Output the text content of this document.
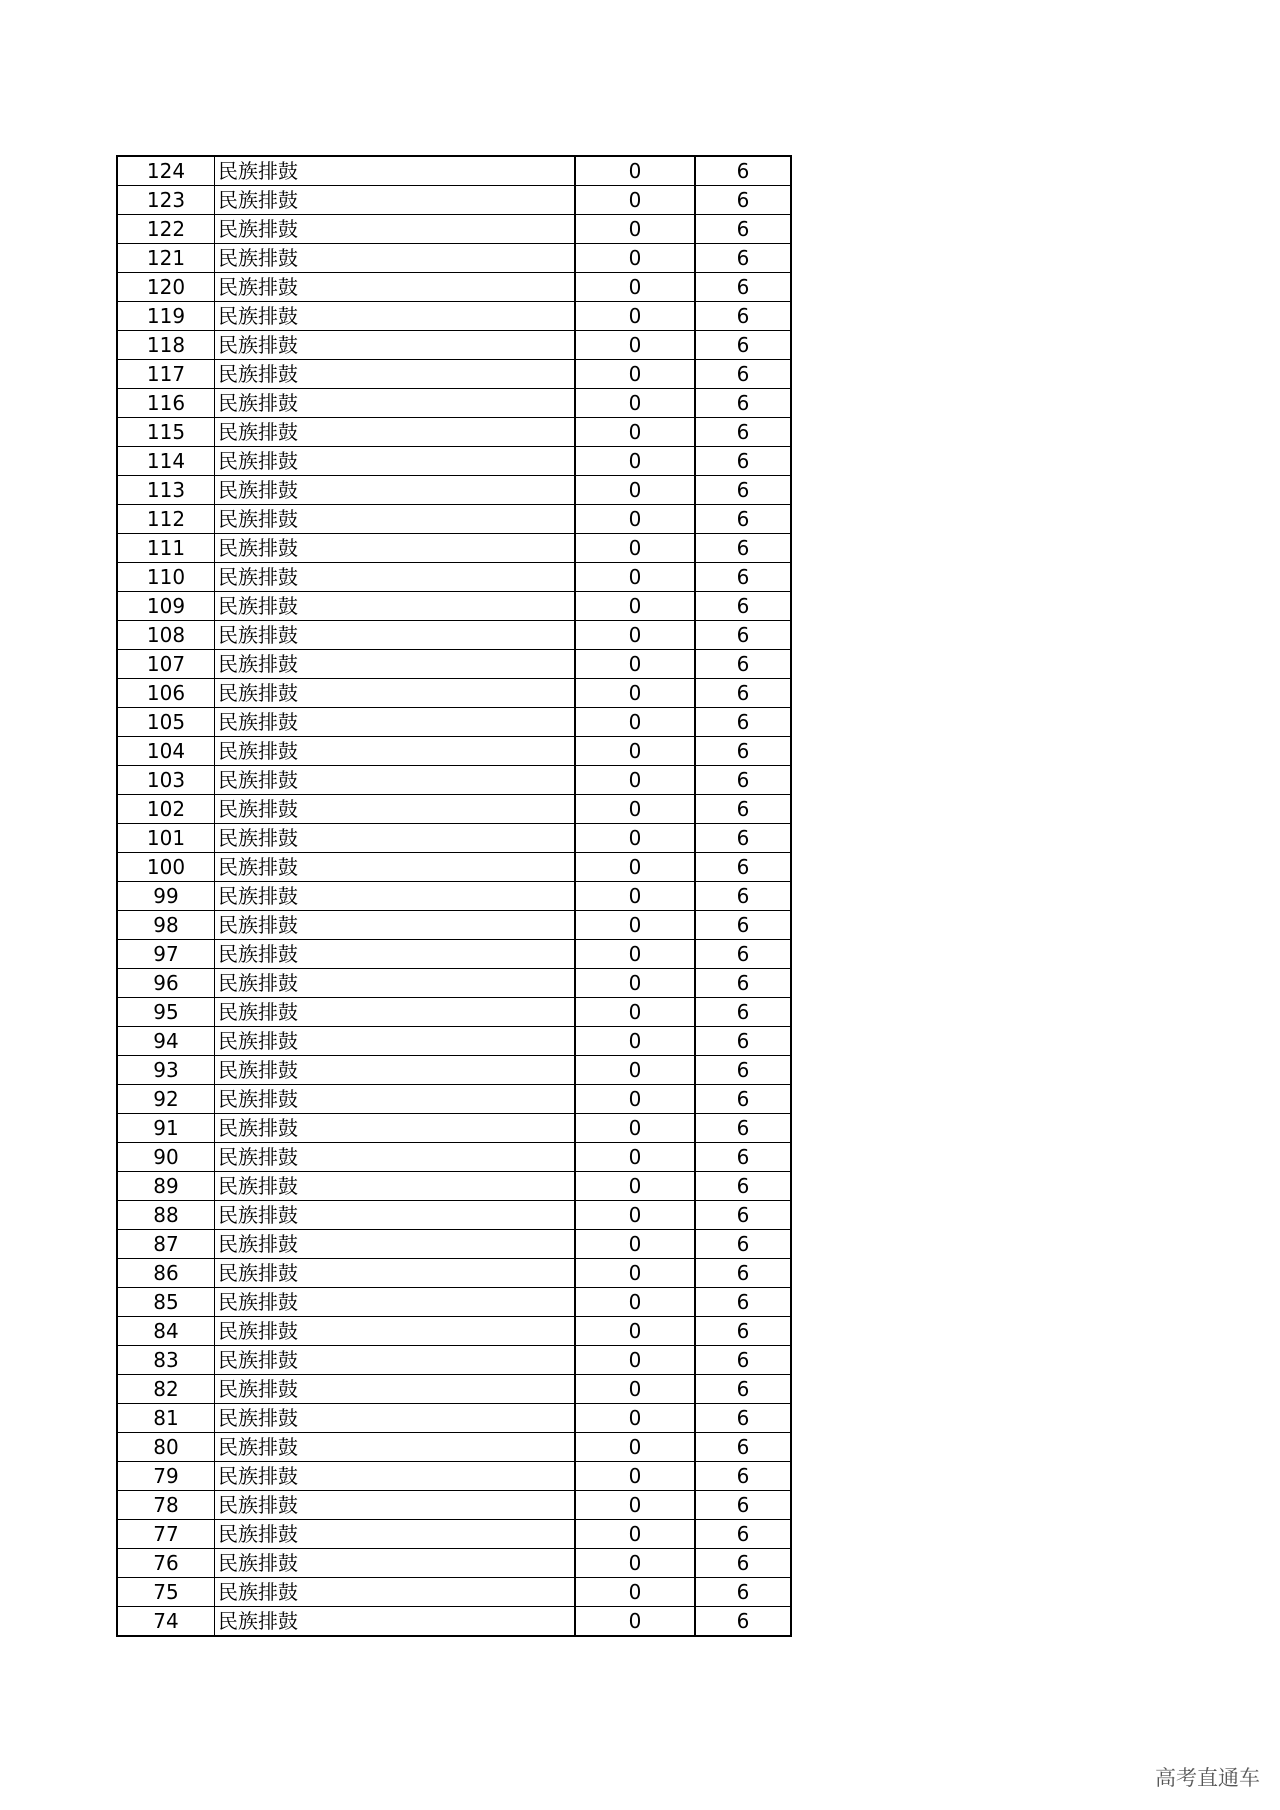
124	民族排鼓	0	6
123	民族排鼓	0	6
122	民族排鼓	0	6
121	民族排鼓	0	6
120	民族排鼓	0	6
119	民族排鼓	0	6
118	民族排鼓	0	6
117	民族排鼓	0	6
116	民族排鼓	0	6
115	民族排鼓	0	6
114	民族排鼓	0	6
113	民族排鼓	0	6
112	民族排鼓	0	6
111	民族排鼓	0	6
110	民族排鼓	0	6
109	民族排鼓	0	6
108	民族排鼓	0	6
107	民族排鼓	0	6
106	民族排鼓	0	6
105	民族排鼓	0	6
104	民族排鼓	0	6
103	民族排鼓	0	6
102	民族排鼓	0	6
101	民族排鼓	0	6
100	民族排鼓	0	6
99	民族排鼓	0	6
98	民族排鼓	0	6
97	民族排鼓	0	6
96	民族排鼓	0	6
95	民族排鼓	0	6
94	民族排鼓	0	6
93	民族排鼓	0	6
92	民族排鼓	0	6
91	民族排鼓	0	6
90	民族排鼓	0	6
89	民族排鼓	0	6
88	民族排鼓	0	6
87	民族排鼓	0	6
86	民族排鼓	0	6
85	民族排鼓	0	6
84	民族排鼓	0	6
83	民族排鼓	0	6
82	民族排鼓	0	6
81	民族排鼓	0	6
80	民族排鼓	0	6
79	民族排鼓	0	6
78	民族排鼓	0	6
77	民族排鼓	0	6
76	民族排鼓	0	6
75	民族排鼓	0	6
74	民族排鼓	0	6
高考直通车
